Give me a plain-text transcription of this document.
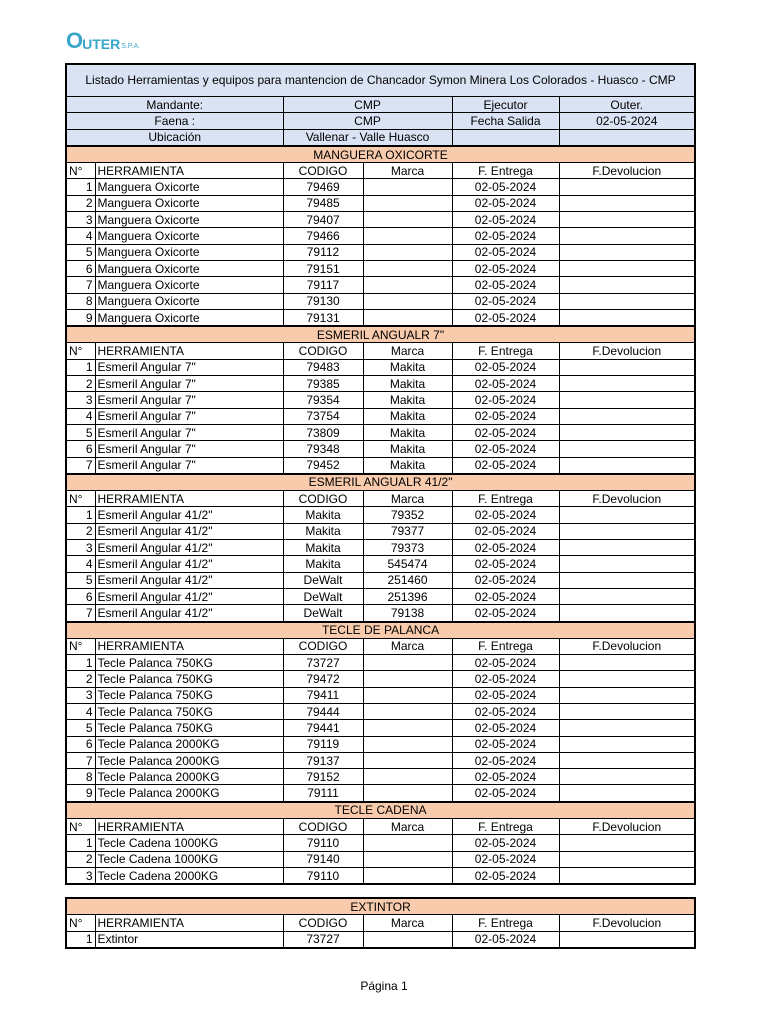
O UTER S.P.A.
Listado Herramientas y equipos para mantencion de Chancador Symon Minera Los Colorados - Huasco - CMP					
Mandante:		CMP		Ejecutor	Outer.
Faena :		CMP		Fecha Salida	02-05-2024
Ubicación		Vallenar - Valle Huasco			
MANGUERA OXICORTE					
N°	HERRAMIENTA	CODIGO	Marca	F. Entrega	F.Devolucion
1	Manguera Oxicorte	79469		02-05-2024	
2	Manguera Oxicorte	79485		02-05-2024	
3	Manguera Oxicorte	79407		02-05-2024	
4	Manguera Oxicorte	79466		02-05-2024	
5	Manguera Oxicorte	79112		02-05-2024	
6	Manguera Oxicorte	79151		02-05-2024	
7	Manguera Oxicorte	79117		02-05-2024	
8	Manguera Oxicorte	79130		02-05-2024	
9	Manguera Oxicorte	79131		02-05-2024	
ESMERIL ANGUALR 7"					
N°	HERRAMIENTA	CODIGO	Marca	F. Entrega	F.Devolucion
1	Esmeril Angular 7"	79483	Makita	02-05-2024	
2	Esmeril Angular 7"	79385	Makita	02-05-2024	
3	Esmeril Angular 7"	79354	Makita	02-05-2024	
4	Esmeril Angular 7"	73754	Makita	02-05-2024	
5	Esmeril Angular 7"	73809	Makita	02-05-2024	
6	Esmeril Angular 7"	79348	Makita	02-05-2024	
7	Esmeril Angular 7"	79452	Makita	02-05-2024	
ESMERIL ANGUALR 41/2"					
N°	HERRAMIENTA	CODIGO	Marca	F. Entrega	F.Devolucion
1	Esmeril Angular 41/2"	Makita	79352	02-05-2024	
2	Esmeril Angular 41/2"	Makita	79377	02-05-2024	
3	Esmeril Angular 41/2"	Makita	79373	02-05-2024	
4	Esmeril Angular 41/2"	Makita	545474	02-05-2024	
5	Esmeril Angular 41/2"	DeWalt	251460	02-05-2024	
6	Esmeril Angular 41/2"	DeWalt	251396	02-05-2024	
7	Esmeril Angular 41/2"	DeWalt	79138	02-05-2024	
TECLE DE PALANCA					
N°	HERRAMIENTA	CODIGO	Marca	F. Entrega	F.Devolucion
1	Tecle Palanca 750KG	73727		02-05-2024	
2	Tecle Palanca 750KG	79472		02-05-2024	
3	Tecle Palanca 750KG	79411		02-05-2024	
4	Tecle Palanca 750KG	79444		02-05-2024	
5	Tecle Palanca 750KG	79441		02-05-2024	
6	Tecle Palanca 2000KG	79119		02-05-2024	
7	Tecle Palanca 2000KG	79137		02-05-2024	
8	Tecle Palanca 2000KG	79152		02-05-2024	
9	Tecle Palanca 2000KG	79111		02-05-2024	
TECLE CADENA					
N°	HERRAMIENTA	CODIGO	Marca	F. Entrega	F.Devolucion
1	Tecle Cadena 1000KG	79110		02-05-2024	
2	Tecle Cadena 1000KG	79140		02-05-2024	
3	Tecle Cadena 2000KG	79110		02-05-2024	
EXTINTOR					
N°	HERRAMIENTA	CODIGO	Marca	F. Entrega	F.Devolucion
1	Extintor	73727		02-05-2024	
Página 1
